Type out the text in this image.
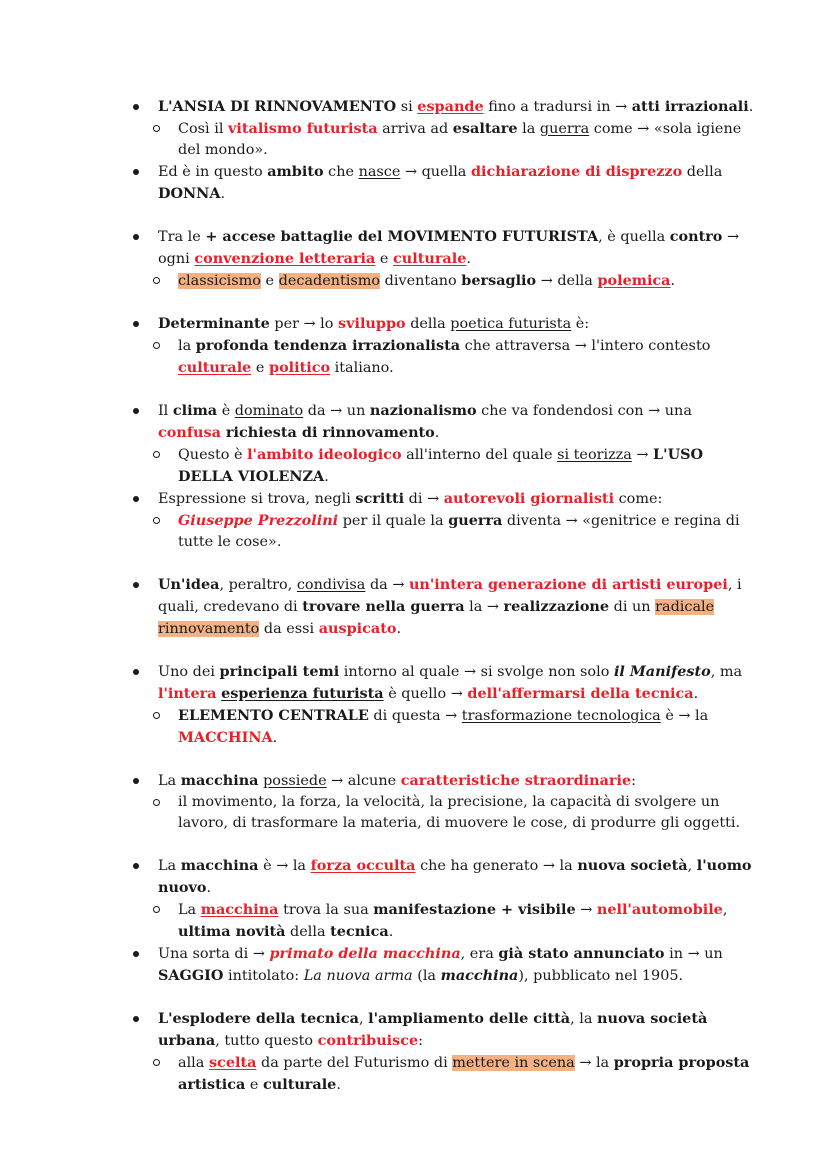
L'ANSIA DI RINNOVAMENTO si espande fino a tradursi in → atti irrazionali.
Così il vitalismo futurista arriva ad esaltare la guerra come → «sola igiene del mondo».
Ed è in questo ambito che nasce → quella dichiarazione di disprezzo della DONNA.
Tra le + accese battaglie del MOVIMENTO FUTURISTA, è quella contro → ogni convenzione letteraria e culturale.
classicismo e decadentismo diventano bersaglio → della polemica.
Determinante per → lo sviluppo della poetica futurista è:
la profonda tendenza irrazionalista che attraversa → l'intero contesto culturale e politico italiano.
Il clima è dominato da → un nazionalismo che va fondendosi con → una confusa richiesta di rinnovamento.
Questo è l'ambito ideologico all'interno del quale si teorizza → L'USO DELLA VIOLENZA.
Espressione si trova, negli scritti di → autorevoli giornalisti come:
Giuseppe Prezzolini per il quale la guerra diventa → «genitrice e regina di tutte le cose».
Un'idea, peraltro, condivisa da → un'intera generazione di artisti europei, i quali, credevano di trovare nella guerra la → realizzazione di un radicale rinnovamento da essi auspicato.
Uno dei principali temi intorno al quale → si svolge non solo il Manifesto, ma l'intera esperienza futurista è quello → dell'affermarsi della tecnica.
ELEMENTO CENTRALE di questa → trasformazione tecnologica è → la MACCHINA.
La macchina possiede → alcune caratteristiche straordinarie:
il movimento, la forza, la velocità, la precisione, la capacità di svolgere un lavoro, di trasformare la materia, di muovere le cose, di produrre gli oggetti.
La macchina è → la forza occulta che ha generato → la nuova società, l'uomo nuovo.
La macchina trova la sua manifestazione + visibile → nell'automobile, ultima novità della tecnica.
Una sorta di → primato della macchina, era già stato annunciato in → un SAGGIO intitolato: La nuova arma (la macchina), pubblicato nel 1905.
L'esplodere della tecnica, l'ampliamento delle città, la nuova società urbana, tutto questo contribuisce:
alla scelta da parte del Futurismo di mettere in scena → la propria proposta artistica e culturale.
